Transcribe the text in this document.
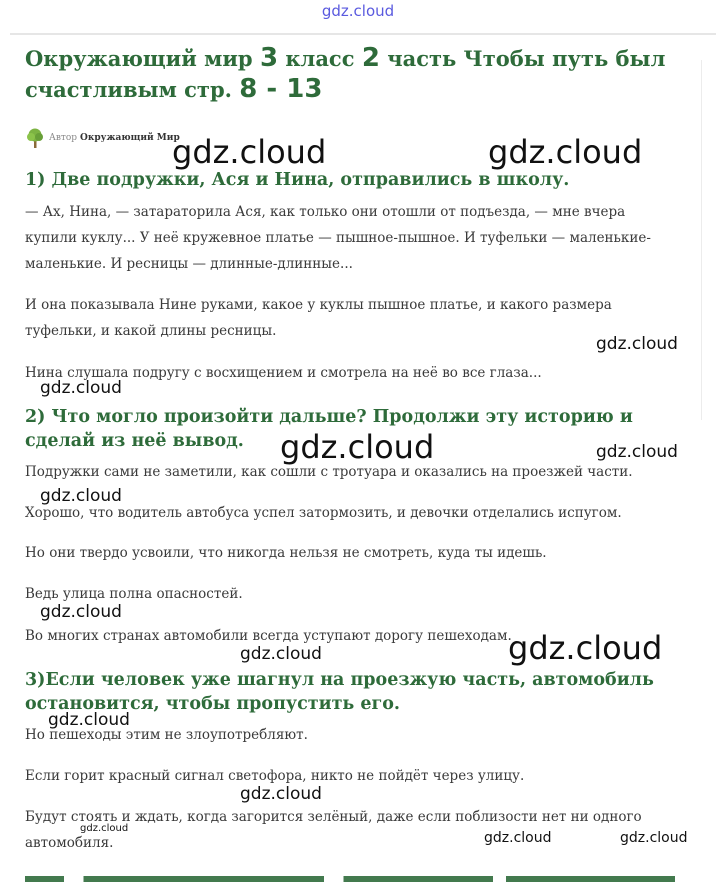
gdz.cloud
Окружающий мир 3 класс 2 часть Чтобы путь был счастливым стр. 8 - 13
Автор Окружающий Мир
1) Две подружки, Ася и Нина, отправились в школу.

— Ах, Нина, — затараторила Ася, как только они отошли от подъезда, — мне вчера купили куклу... У неё кружевное платье — пышное-пышное. И туфельки — маленькие-маленькие. И ресницы — длинные-длинные...

И она показывала Нине руками, какое у куклы пышное платье, и какого размера туфельки, и какой длины ресницы.

Нина слушала подругу с восхищением и смотрела на неё во все глаза...

2) Что могло произойти дальше? Продолжи эту историю и сделай из неё вывод.

Подружки сами не заметили, как сошли с тротуара и оказались на проезжей части.

Хорошо, что водитель автобуса успел затормозить, и девочки отделались испугом.

Но они твердо усвоили, что никогда нельзя не смотреть, куда ты идешь.

Ведь улица полна опасностей.

Во многих странах автомобили всегда уступают дорогу пешеходам.

3)Если человек уже шагнул на проезжую часть, автомобиль остановится, чтобы пропустить его.

Но пешеходы этим не злоупотребляют.

Если горит красный сигнал светофора, никто не пойдёт через улицу.

Будут стоять и ждать, когда загорится зелёный, даже если поблизости нет ни одного автомобиля.

gdz.cloud	gdz.cloud
gdz.cloud
gdz.cloud
gdz.cloud	gdz.cloud
gdz.cloud
gdz.cloud
gdz.cloud
gdz.cloud
gdz.cloud
gdz.cloud
gdz.cloud
gdz.cloud	gdz.cloud
